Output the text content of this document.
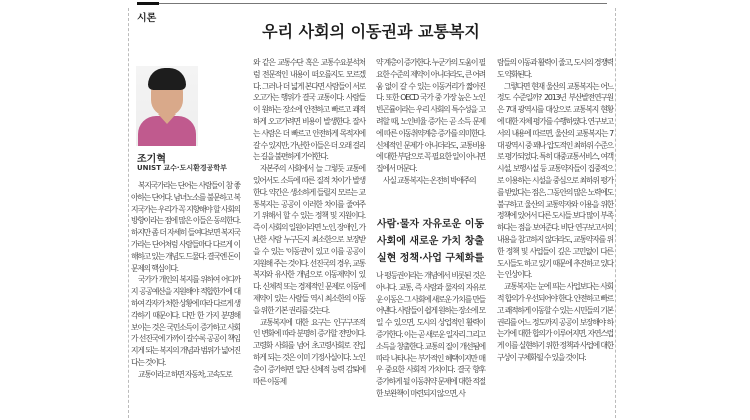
시론
우리 사회의 이동권과 교통복지
조기혁
UNIST 교수·도시환경공학부

복지국가라는 단어는 사람들이 참 좋아하는 단어다. 남녀노소를 불문하고 복지국가는 우리가 꼭 지향해야 할 사회의 방향이라는 점에 많은 이들은 동의한다. 하지만 좀 더 자세히 들여다보면 복지국가라는 단어처럼 사람들마다 다르게 이해하고 있는 개념도 드물다. 결국엔 돈이 문제의 핵심이다.

국가가 개인의 복지를 위하여 어디까지 공공예산을 지원해야 적합한가에 대하여 각자가 처한 상황에 따라 다르게 생각하기 때문이다. 다만 한 가지 분명해 보이는 것은 국민소득이 증가하고 사회가 선진국에 가까이 갈수록 공공이 책임지게 되는 복지의 개념과 범위가 넓어진다는 것이다.

교통이라고 하면 자동차, 고속도로

와 같은 교통수단 혹은 교통수요분석처럼 전문적인 내용이 떠오를지도 모르겠다. 그러나 더 넓게 본다면 사람들이 서로 오고가는 행위가 결국 교통이다. 사람들이 원하는 장소에 안전하고 빠르고 쾌적하게 오고가려면 비용이 발생한다. 잘사는 사람은 더 빠르고 안전하게 목적지에 갈 수 있지만, 가난한 이들은 더 오래 걸리는 길을 불편하게 가야한다.

자본주의 사회에서 늘 그렇듯 교통에 있어서도 소득에 따른 질적 차이가 발생한다. 약간은 생소하게 들릴지 모르는 교통복지는 공공이 이러한 차이를 줄여주기 위해서 할 수 있는 정책 및 지원이다. 즉 이 사회의 일원이라면 노인, 장애인, 가난한 사람 누구든지 최소한으로 보장받을 수 있는 '이동권'이 있고 이를 공공이 지원해 주는 것이다. 선진국의 경우, 교통복지와 유사한 개념으로 이동제약이 있다. 신체적 또는 경제적인 문제로 이동에 제약이 있는 사람들 역시 최소한의 이동을 위한 기본 권리를 갖는다.

교통복지에 대한 요구는 인구구조적인 변화에 따라 분명히 증가할 전망이다. 고령화 사회를 넘어 초고령사회로 진입하게 되는 것은 이미 기정사실이다. 노인층이 증가하면 일단 신체적 능력 감퇴에 따른 이동제

약 계층이 증가한다. 누군가의 도움이 필요한 수준의 제약이 아니더라도, 큰 어려움 없이 갈 수 있는 이동거리가 짧아진다. 또한 OECD 국가 중 가장 높은 노인빈곤률이라는 우리 사회의 특수성을 고려할 때, 노인비율 증가는 곧 소득 문제에 따른 이동취약계층 증가를 의미한다. 신체적인 문제가 아니더라도, 교통비용에 대한 부담으로 꼭 필요한 일이 아니면 집에서 머문다.

사실 교통복지는 온전히 박애주의

사람·물자 자유로운 이동
사회에 새로운 가치 창출
실현 정책·사업 구체화를

나 평등권이라는 개념에서 비롯된 것은 아니다. 교통, 즉 사람과 물자의 자유로운 이동은 그 사회에 새로운 가치를 만들어낸다. 사람들이 쉽게 원하는 장소에 모일 수 있으면, 도시의 상업적인 활력이 증가한다. 이는 곧 새로운 일자리 그리고 소득을 창출한다. 교통의 질이 개선됨에 따라 나타나는 부가적인 혜택이지만 매우 중요한 사회적 가치이다. 결국 향후 증가하게 될 이동취약 문제에 대한 적절한 보완책이 마련되지 않으면, 사

람들의 이동과 활력이 줄고, 도시의 경쟁력도 약화된다.

그렇다면 현재 울산의 교통복지는 어느 정도 수준일까? 2013년 부산발전연구원은 7대 광역시를 대상으로 교통복지 현황에 대한 자체 평가를 수행하였다. 연구보고서의 내용에 따르면, 울산의 교통복지는 7대 광역시 중 꽤나 압도적인 최하위 수준으로 평가되었다. 특히 대중교통서비스, 여객시설, 보행시설 등 교통약자들이 집중적으로 이용하는 시설을 중심으로 최하위 평가를 받았다는 점은, 그동안의 많은 노력에도 불구하고 울산의 교통약자와 이용을 위한 정책에 있어서 다른 도시들 보다 많이 부족하다는 점을 보여준다. 비단 연구보고서의 내용을 참고하지 않더라도, 교통약자를 위한 정책 및 사업들이 깊은 고민없이 다른 도시들도 하고 있기 때문에 추진하고 있다는 인상이다.

교통복지는 눈에 띄는 사업보다는 사회적 합의가 우선되어야 한다. 안전하고 빠르고 쾌적하게 이동할 수 있는 시민들의 기본 권리를 어느 정도까지 공공이 보장해야 하는가에 대한 합의가 이루어지면, 자연스럽게 이를 실현하기 위한 정책과 사업에 대한 구상이 구체화될 수 있을 것이다.
